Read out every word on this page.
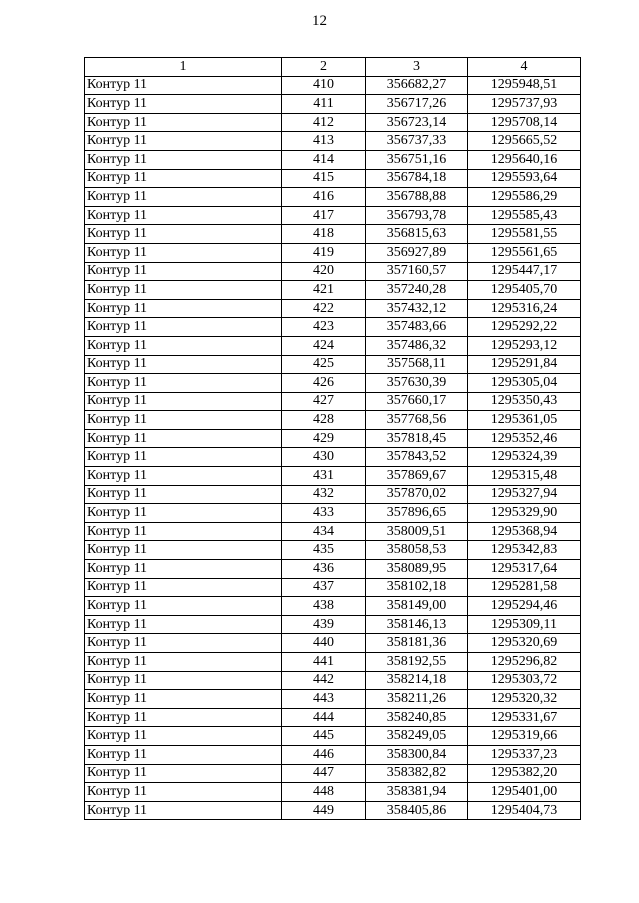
12
1	2	3	4
Контур 11	410	356682,27	1295948,51
Контур 11	411	356717,26	1295737,93
Контур 11	412	356723,14	1295708,14
Контур 11	413	356737,33	1295665,52
Контур 11	414	356751,16	1295640,16
Контур 11	415	356784,18	1295593,64
Контур 11	416	356788,88	1295586,29
Контур 11	417	356793,78	1295585,43
Контур 11	418	356815,63	1295581,55
Контур 11	419	356927,89	1295561,65
Контур 11	420	357160,57	1295447,17
Контур 11	421	357240,28	1295405,70
Контур 11	422	357432,12	1295316,24
Контур 11	423	357483,66	1295292,22
Контур 11	424	357486,32	1295293,12
Контур 11	425	357568,11	1295291,84
Контур 11	426	357630,39	1295305,04
Контур 11	427	357660,17	1295350,43
Контур 11	428	357768,56	1295361,05
Контур 11	429	357818,45	1295352,46
Контур 11	430	357843,52	1295324,39
Контур 11	431	357869,67	1295315,48
Контур 11	432	357870,02	1295327,94
Контур 11	433	357896,65	1295329,90
Контур 11	434	358009,51	1295368,94
Контур 11	435	358058,53	1295342,83
Контур 11	436	358089,95	1295317,64
Контур 11	437	358102,18	1295281,58
Контур 11	438	358149,00	1295294,46
Контур 11	439	358146,13	1295309,11
Контур 11	440	358181,36	1295320,69
Контур 11	441	358192,55	1295296,82
Контур 11	442	358214,18	1295303,72
Контур 11	443	358211,26	1295320,32
Контур 11	444	358240,85	1295331,67
Контур 11	445	358249,05	1295319,66
Контур 11	446	358300,84	1295337,23
Контур 11	447	358382,82	1295382,20
Контур 11	448	358381,94	1295401,00
Контур 11	449	358405,86	1295404,73
